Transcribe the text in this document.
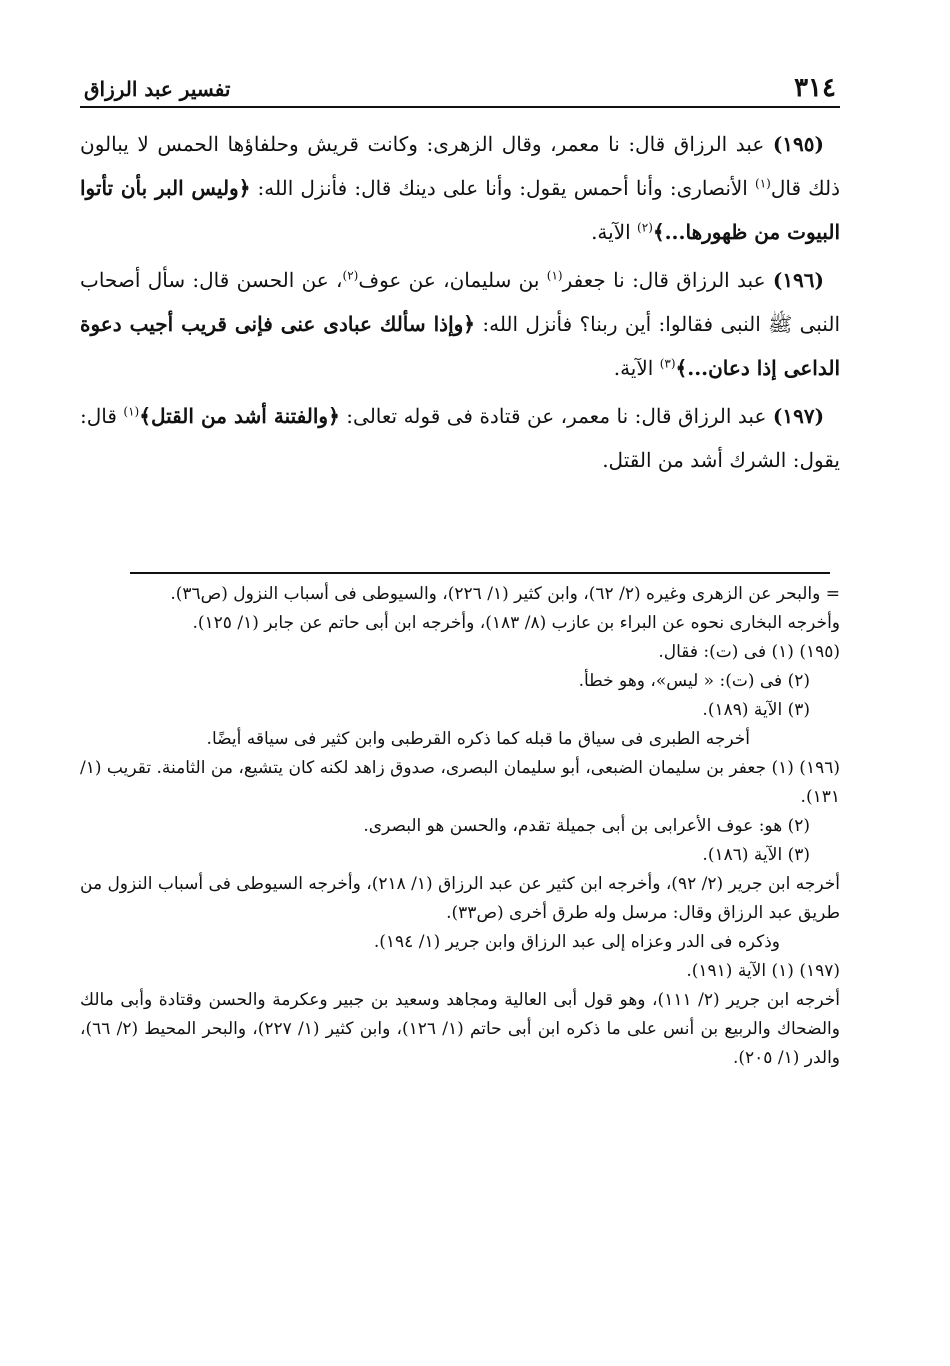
٣١٤
تفسير عبد الرزاق

(١٩٥) عبد الرزاق قال: نا معمر، وقال الزهرى: وكانت قريش وحلفاؤها الحمس لا يبالون ذلك قال$^{(١)}$ الأنصارى: وأنا أحمس يقول: وأنا على دينك قال: فأنزل الله: ﴿وليس البر بأن تأتوا البيوت من ظهورها...﴾$^{(٢)}$ الآية.

(١٩٦) عبد الرزاق قال: نا جعفر$^{(١)}$ بن سليمان، عن عوف$^{(٢)}$، عن الحسن قال: سأل أصحاب النبى ﷺ النبى فقالوا: أين ربنا؟ فأنزل الله: ﴿وإذا سألك عبادى عنى فإنى قريب أجيب دعوة الداعى إذا دعان...﴾$^{(٣)}$ الآية.

(١٩٧) عبد الرزاق قال: نا معمر، عن قتادة فى قوله تعالى: ﴿والفتنة أشد من القتل﴾$^{(١)}$ قال: يقول: الشرك أشد من القتل.

= والبحر عن الزهرى وغيره (٢/ ٦٢)، وابن كثير (١/ ٢٢٦)، والسيوطى فى أسباب النزول (ص٣٦).

وأخرجه البخارى نحوه عن البراء بن عازب (٨/ ١٨٣)، وأخرجه ابن أبى حاتم عن جابر (١/ ١٢٥).

(١٩٥) (١) فى (ت): فقال.

(٢) فى (ت): « ليس»، وهو خطأ.

(٣) الآية (١٨٩).

أخرجه الطبرى فى سياق ما قبله كما ذكره القرطبى وابن كثير فى سياقه أيضًا.

(١٩٦) (١) جعفر بن سليمان الضبعى، أبو سليمان البصرى، صدوق زاهد لكنه كان يتشيع، من الثامنة. تقريب (١/ ١٣١).

(٢) هو: عوف الأعرابى بن أبى جميلة تقدم، والحسن هو البصرى.

(٣) الآية (١٨٦).

أخرجه ابن جرير (٢/ ٩٢)، وأخرجه ابن كثير عن عبد الرزاق (١/ ٢١٨)، وأخرجه السيوطى فى أسباب النزول من طريق عبد الرزاق وقال: مرسل وله طرق أخرى (ص٣٣).

وذكره فى الدر وعزاه إلى عبد الرزاق وابن جرير (١/ ١٩٤).

(١٩٧) (١) الآية (١٩١).

أخرجه ابن جرير (٢/ ١١١)، وهو قول أبى العالية ومجاهد وسعيد بن جبير وعكرمة والحسن وقتادة وأبى مالك والضحاك والربيع بن أنس على ما ذكره ابن أبى حاتم (١/ ١٢٦)، وابن كثير (١/ ٢٢٧)، والبحر المحيط (٢/ ٦٦)، والدر (١/ ٢٠٥).
